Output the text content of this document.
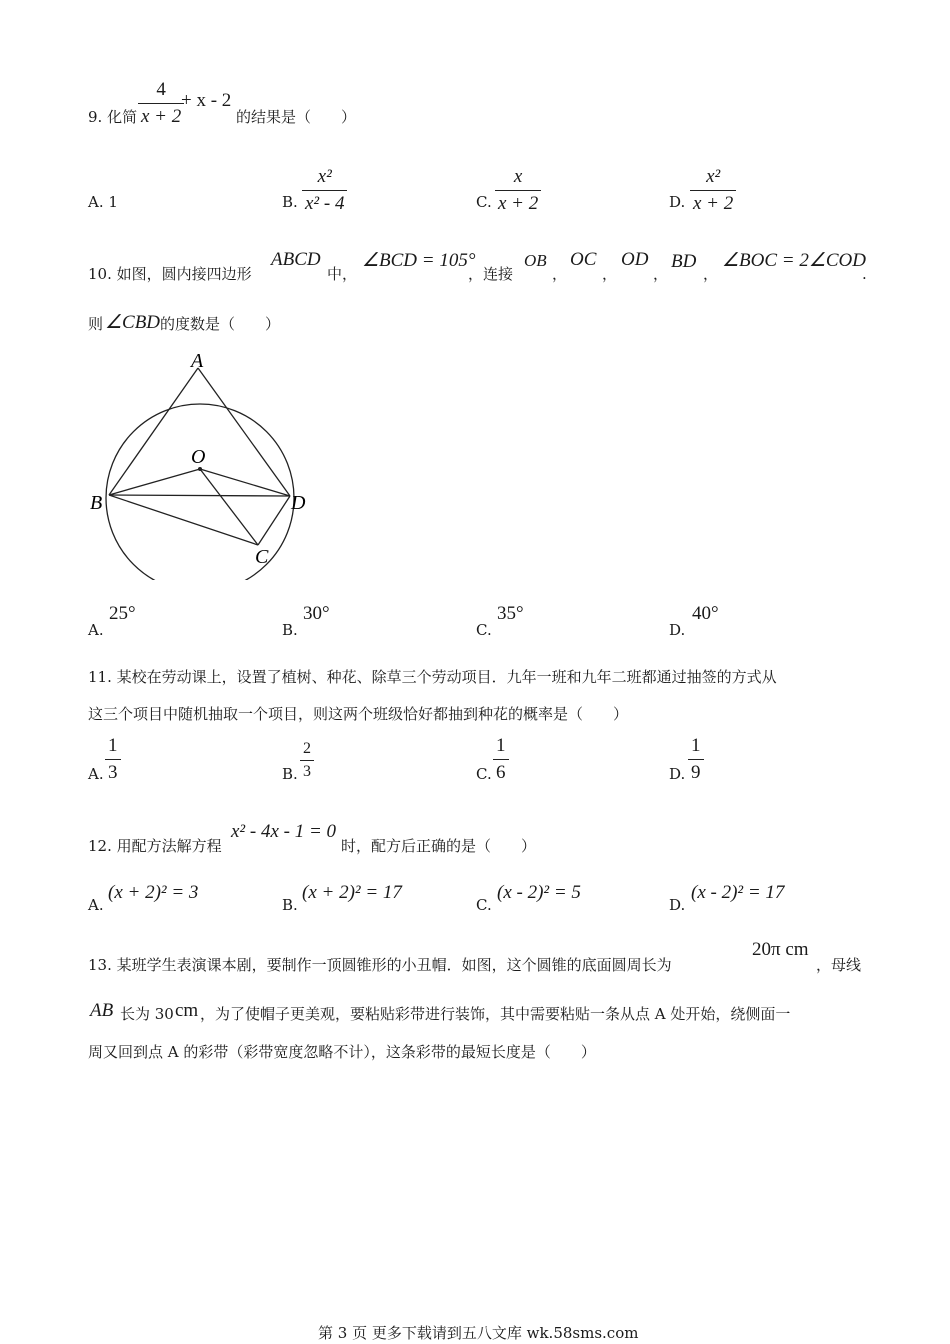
9. 化简 $\frac{4}{x + 2}$
+ x - 2
的结果是（　　）
A. 1	B. $\frac{\text{x²}}{\text{x² - 4}}$	C. $\frac{x}{x + 2}$	D. $\frac{\text{x²}}{x + 2}$
10. 如图，圆内接四边形
ABCD
中，
∠BCD = 105°
，连接
OB
，
OC
，
OD
，
BD
，
∠BOC = 2∠COD
.
则 ∠CBD 的度数是（　　）
A
B
C
D
O
A.
25°
B.
30°
C.
35°
D.
40°
11. 某校在劳动课上，设置了植树、种花、除草三个劳动项目．九年一班和九年二班都通过抽签的方式从
这三个项目中随机抽取一个项目，则这两个班级恰好都抽到种花的概率是（　　）
A. $\frac{1}{3}$	B. $\frac{2}{3}$	C. $\frac{1}{6}$	D. $\frac{1}{9}$
12. 用配方法解方程
x² - 4x - 1 = 0
时，配方后正确的是（　　）
A.
(x + 2)² = 3
B.
(x + 2)² = 17
C.
(x - 2)² = 5
D.
(x - 2)² = 17
13. 某班学生表演课本剧，要制作一顶圆锥形的小丑帽．如图，这个圆锥的底面圆周长为
20π cm
，母线
AB 长为 30 cm ，为了使帽子更美观，要粘贴彩带进行装饰，其中需要粘贴一条从点 A 处开始，绕侧面一
周又回到点 A 的彩带（彩带宽度忽略不计），这条彩带的最短长度是（　　）
第 3 页 更多下载请到五八文库 wk.58sms.com
